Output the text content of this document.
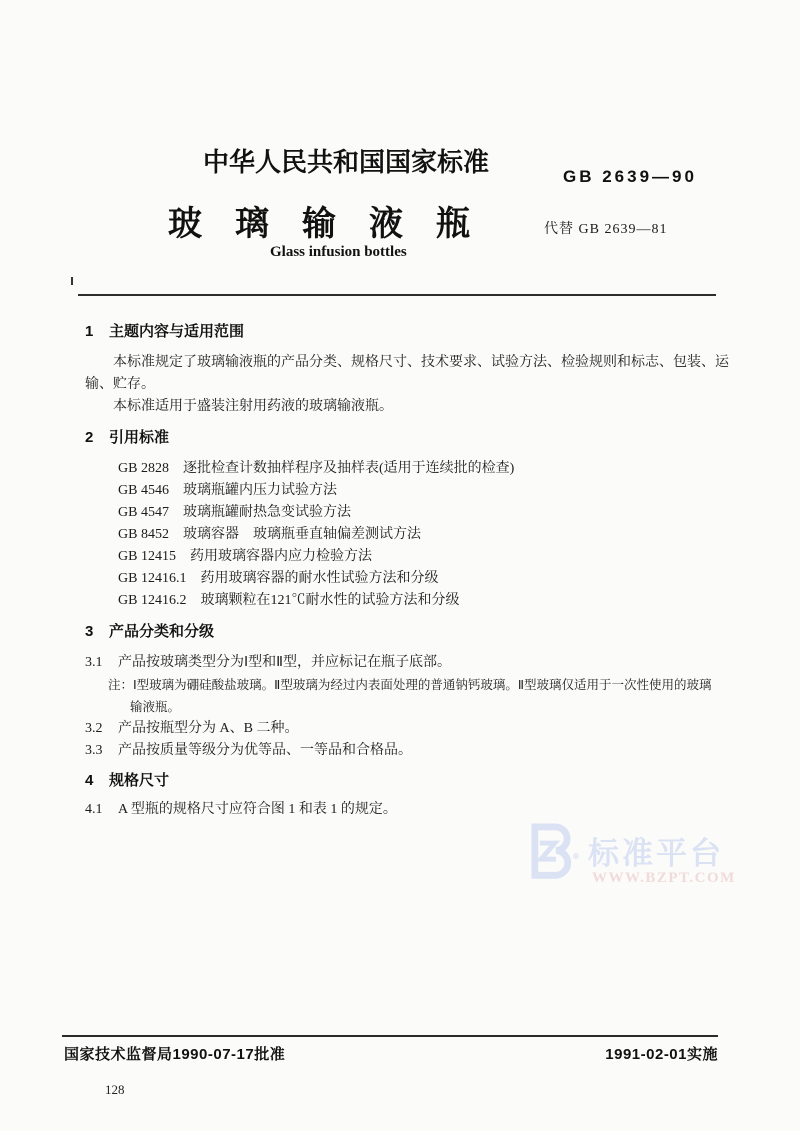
中华人民共和国国家标准	GB 2639—90
玻璃输液瓶	代替 GB 2639—81
Glass infusion bottles
1 主题内容与适用范围

本标准规定了玻璃输液瓶的产品分类、规格尺寸、技术要求、试验方法、检验规则和标志、包装、运输、贮存。

本标准适用于盛装注射用药液的玻璃输液瓶。

2 引用标准
GB 2828 逐批检查计数抽样程序及抽样表(适用于连续批的检查)
GB 4546 玻璃瓶罐内压力试验方法
GB 4547 玻璃瓶罐耐热急变试验方法
GB 8452 玻璃容器　玻璃瓶垂直轴偏差测试方法
GB 12415 药用玻璃容器内应力检验方法
GB 12416.1 药用玻璃容器的耐水性试验方法和分级
GB 12416.2 玻璃颗粒在121℃耐水性的试验方法和分级
3 产品分类和分级
3.1 产品按玻璃类型分为Ⅰ型和Ⅱ型，并应标记在瓶子底部。
注：Ⅰ型玻璃为硼硅酸盐玻璃。Ⅱ型玻璃为经过内表面处理的普通钠钙玻璃。Ⅱ型玻璃仅适用于一次性使用的玻璃输液瓶。
3.2 产品按瓶型分为 A、B 二种。
3.3 产品按质量等级分为优等品、一等品和合格品。
4 规格尺寸
4.1 A 型瓶的规格尺寸应符合图 1 和表 1 的规定。
® 标准平台
WWW.BZPT.COM
国家技术监督局1990-07-17批准	1991-02-01实施
128
